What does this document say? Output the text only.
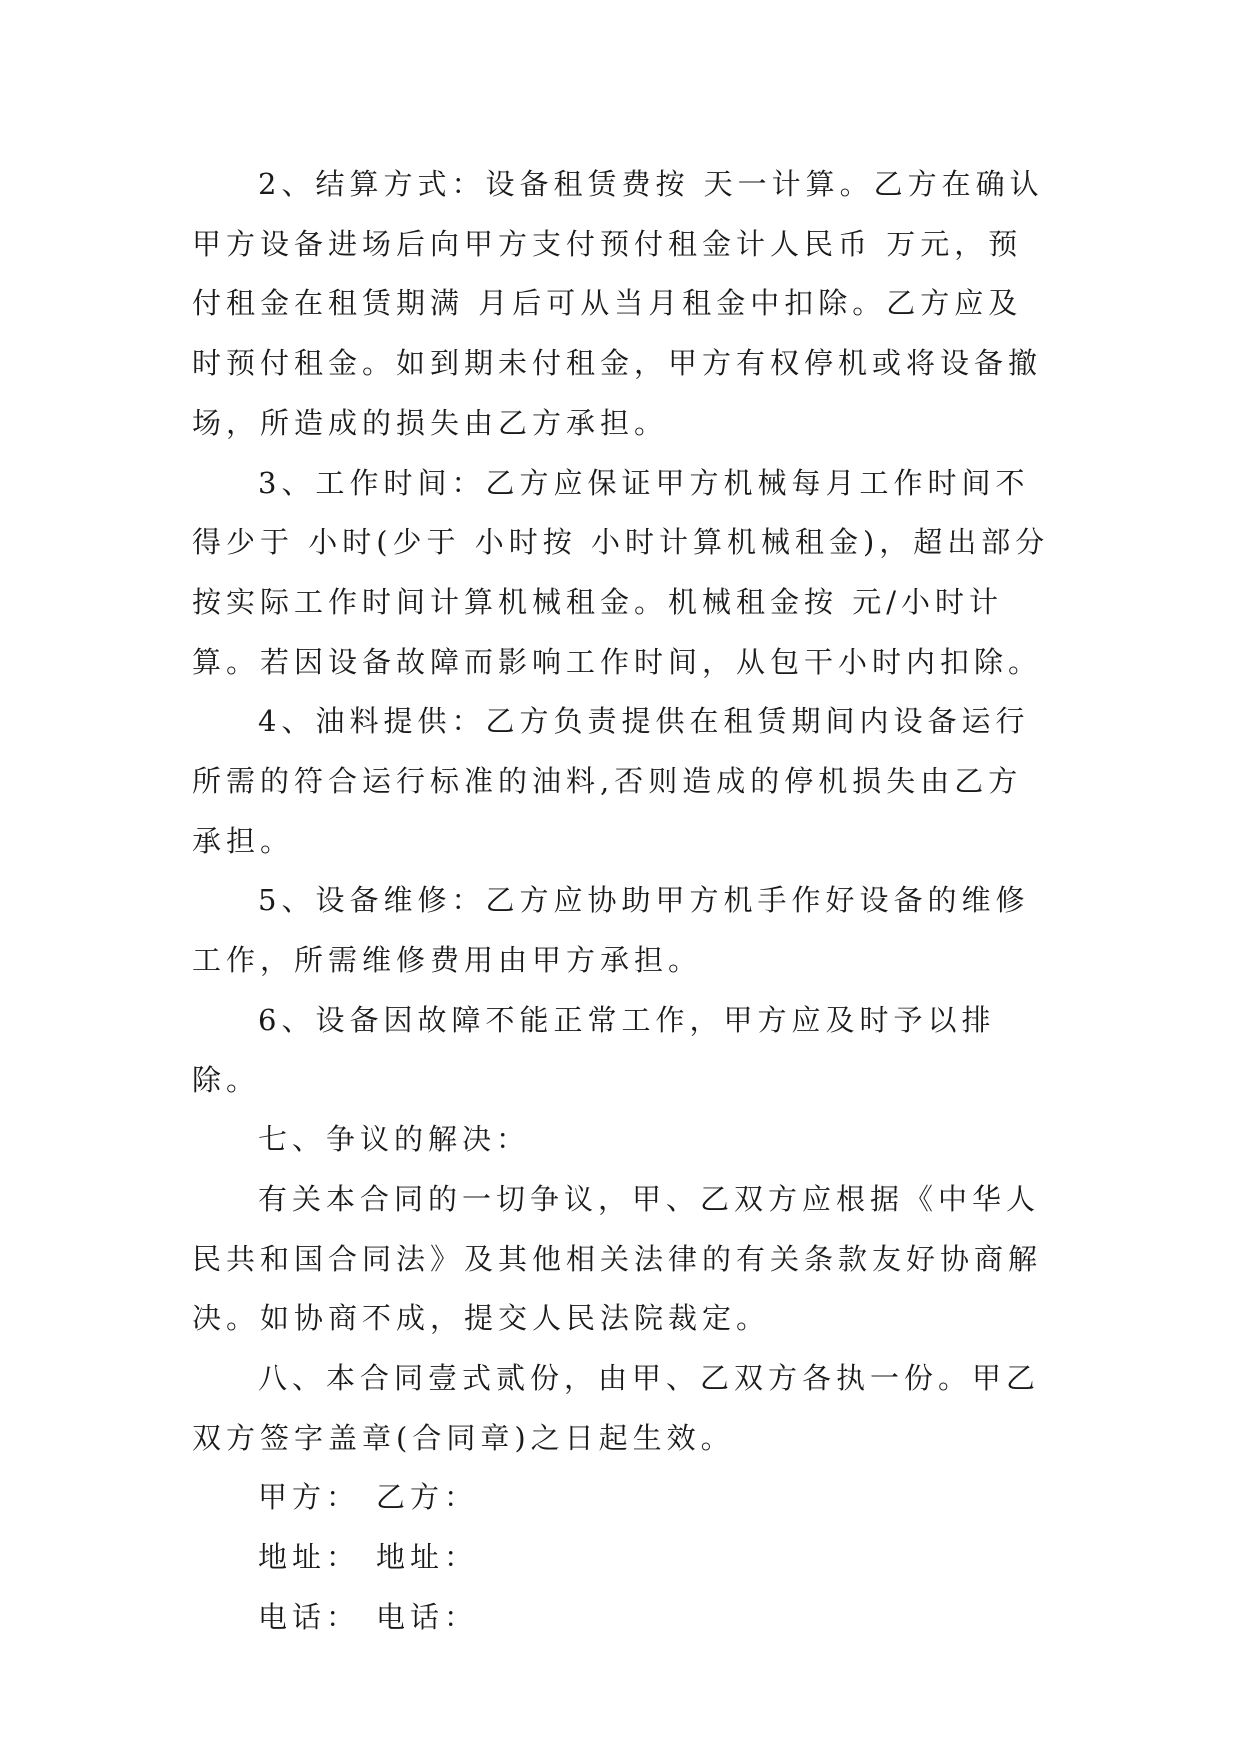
2、结算方式：设备租赁费按 天一计算。乙方在确认甲方设备进场后向甲方支付预付租金计人民币 万元，预付租金在租赁期满 月后可从当月租金中扣除。乙方应及时预付租金。如到期未付租金，甲方有权停机或将设备撤场，所造成的损失由乙方承担。

3、工作时间：乙方应保证甲方机械每月工作时间不得少于 小时(少于 小时按 小时计算机械租金)，超出部分按实际工作时间计算机械租金。机械租金按 元/小时计算。若因设备故障而影响工作时间，从包干小时内扣除。

4、油料提供：乙方负责提供在租赁期间内设备运行所需的符合运行标准的油料,否则造成的停机损失由乙方承担。

5、设备维修：乙方应协助甲方机手作好设备的维修工作，所需维修费用由甲方承担。

6、设备因故障不能正常工作，甲方应及时予以排除。

七、争议的解决：

有关本合同的一切争议，甲、乙双方应根据《中华人民共和国合同法》及其他相关法律的有关条款友好协商解决。如协商不成，提交人民法院裁定。

八、本合同壹式贰份，由甲、乙双方各执一份。甲乙双方签字盖章(合同章)之日起生效。

甲方： 乙方：
地址： 地址：
电话： 电话：
